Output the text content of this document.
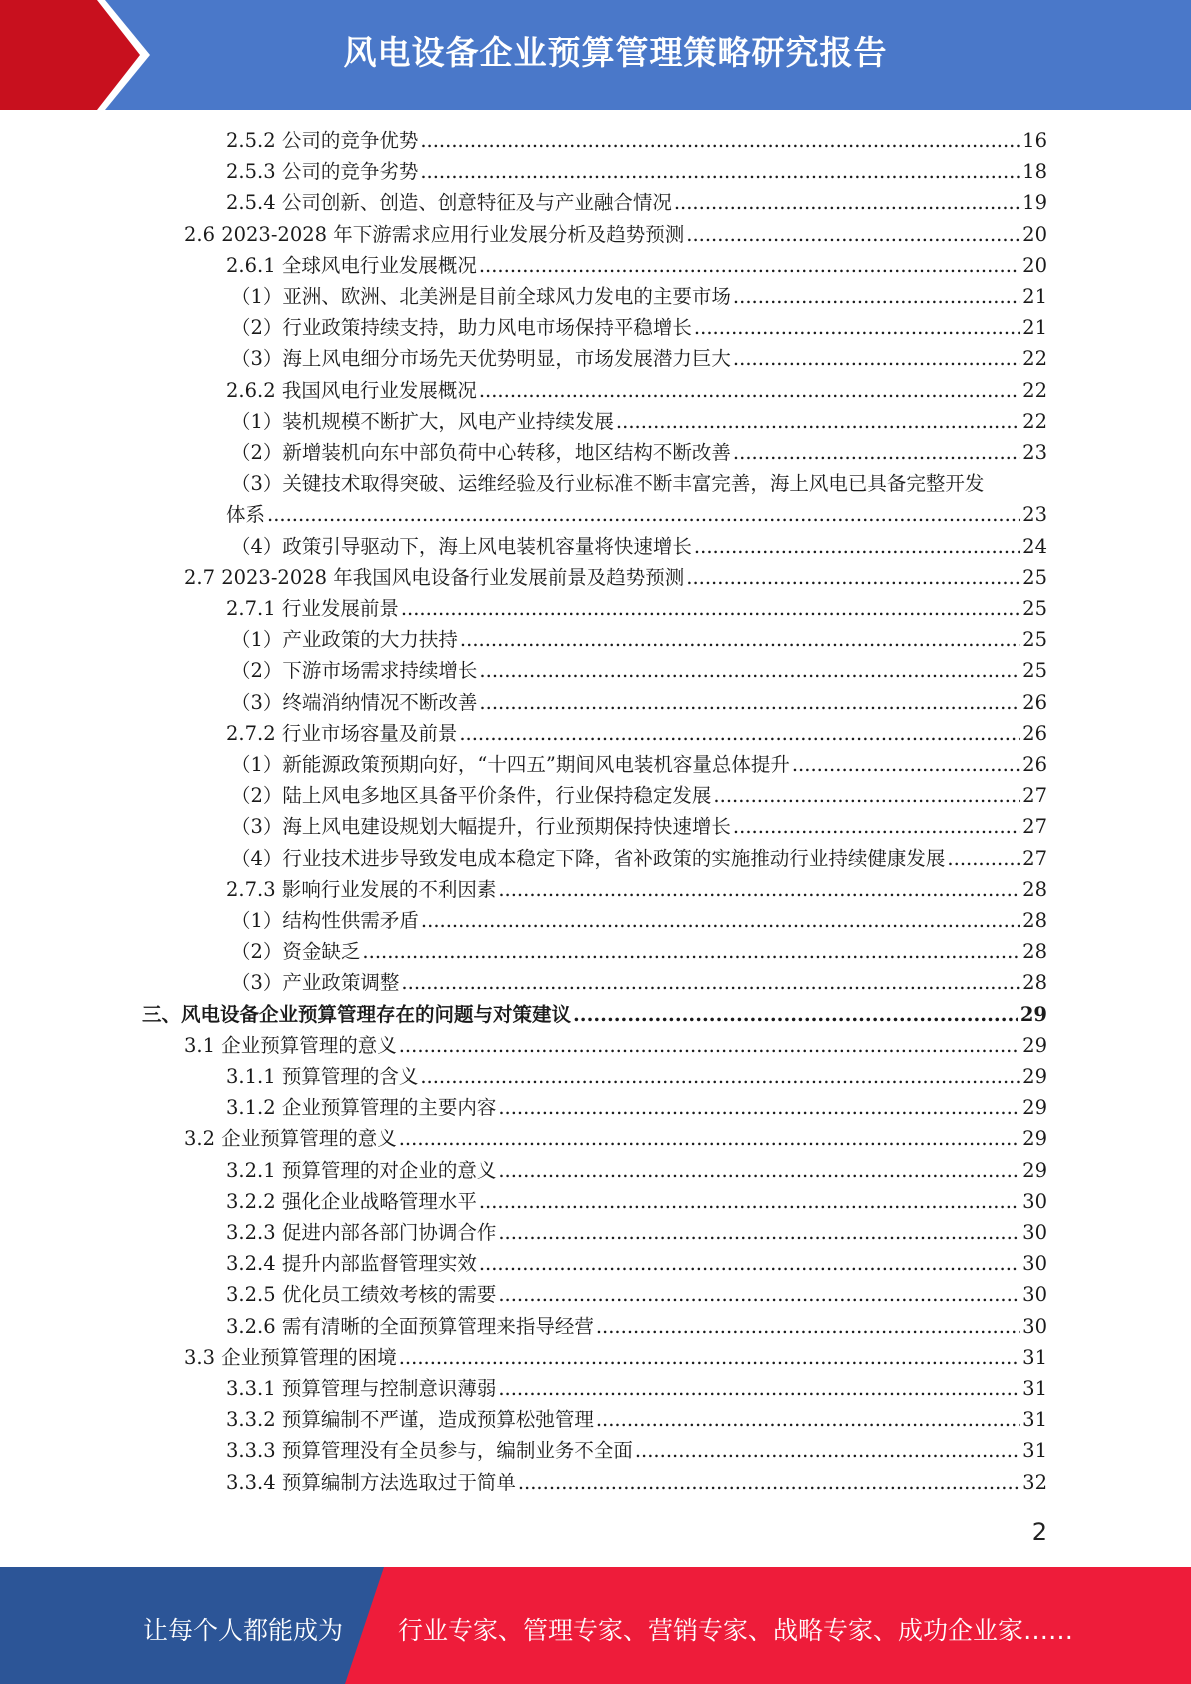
风电设备企业预算管理策略研究报告
2.5.2 公司的竞争优势 .....	16
2.5.3 公司的竞争劣势 .....	18
2.5.4 公司创新、创造、创意特征及与产业融合情况 .....	19
2.6 2023-2028 年下游需求应用行业发展分析及趋势预测 .....	20
2.6.1 全球风电行业发展概况 .....	20
（1）亚洲、欧洲、北美洲是目前全球风力发电的主要市场 .....	21
（2）行业政策持续支持，助力风电市场保持平稳增长 .....	21
（3）海上风电细分市场先天优势明显，市场发展潜力巨大 .....	22
2.6.2 我国风电行业发展概况 .....	22
（1）装机规模不断扩大，风电产业持续发展 .....	22
（2）新增装机向东中部负荷中心转移，地区结构不断改善 .....	23
（3）关键技术取得突破、运维经验及行业标准不断丰富完善，海上风电已具备完整开发
体系 .....	23
（4）政策引导驱动下，海上风电装机容量将快速增长 .....	24
2.7 2023-2028 年我国风电设备行业发展前景及趋势预测 .....	25
2.7.1 行业发展前景 .....	25
（1）产业政策的大力扶持 .....	25
（2）下游市场需求持续增长 .....	25
（3）终端消纳情况不断改善 .....	26
2.7.2 行业市场容量及前景 .....	26
（1）新能源政策预期向好，“十四五”期间风电装机容量总体提升 .....	26
（2）陆上风电多地区具备平价条件，行业保持稳定发展 .....	27
（3）海上风电建设规划大幅提升，行业预期保持快速增长 .....	27
（4）行业技术进步导致发电成本稳定下降，省补政策的实施推动行业持续健康发展 .....	27
2.7.3 影响行业发展的不利因素 .....	28
（1）结构性供需矛盾 .....	28
（2）资金缺乏 .....	28
（3）产业政策调整 .....	28
三、风电设备企业预算管理存在的问题与对策建议 .....	29
3.1 企业预算管理的意义 .....	29
3.1.1 预算管理的含义 .....	29
3.1.2 企业预算管理的主要内容 .....	29
3.2 企业预算管理的意义 .....	29
3.2.1 预算管理的对企业的意义 .....	29
3.2.2 强化企业战略管理水平 .....	30
3.2.3 促进内部各部门协调合作 .....	30
3.2.4 提升内部监督管理实效 .....	30
3.2.5 优化员工绩效考核的需要 .....	30
3.2.6 需有清晰的全面预算管理来指导经营 .....	30
3.3 企业预算管理的困境 .....	31
3.3.1 预算管理与控制意识薄弱 .....	31
3.3.2 预算编制不严谨，造成预算松弛管理 .....	31
3.3.3 预算管理没有全员参与，编制业务不全面 .....	31
3.3.4 预算编制方法选取过于简单 .....	32
2
让每个人都能成为 行业专家、管理专家、营销专家、战略专家、成功企业家……
